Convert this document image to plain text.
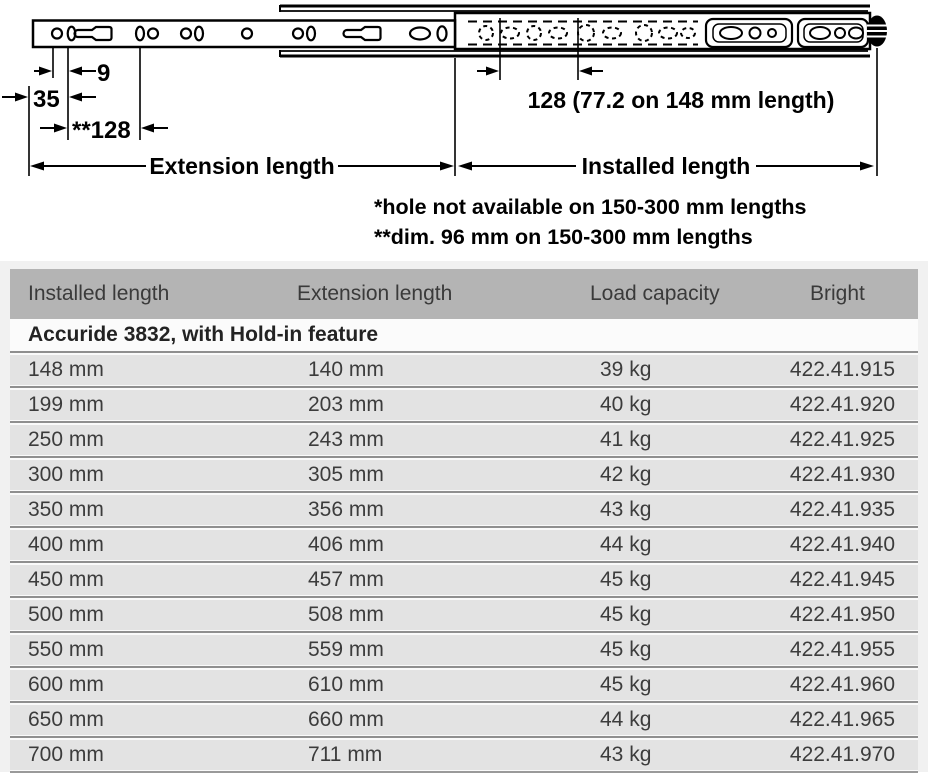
9
35
**128
128 (77.2 on 148 mm length)
Extension length	Installed length
*hole not available on 150-300 mm lengths
**dim. 96 mm on 150-300 mm lengths
Installed length	Extension length	Load capacity	Bright
Accuride 3832, with Hold-in feature			
148 mm	140 mm	39 kg	422.41.915
199 mm	203 mm	40 kg	422.41.920
250 mm	243 mm	41 kg	422.41.925
300 mm	305 mm	42 kg	422.41.930
350 mm	356 mm	43 kg	422.41.935
400 mm	406 mm	44 kg	422.41.940
450 mm	457 mm	45 kg	422.41.945
500 mm	508 mm	45 kg	422.41.950
550 mm	559 mm	45 kg	422.41.955
600 mm	610 mm	45 kg	422.41.960
650 mm	660 mm	44 kg	422.41.965
700 mm	711 mm	43 kg	422.41.970
